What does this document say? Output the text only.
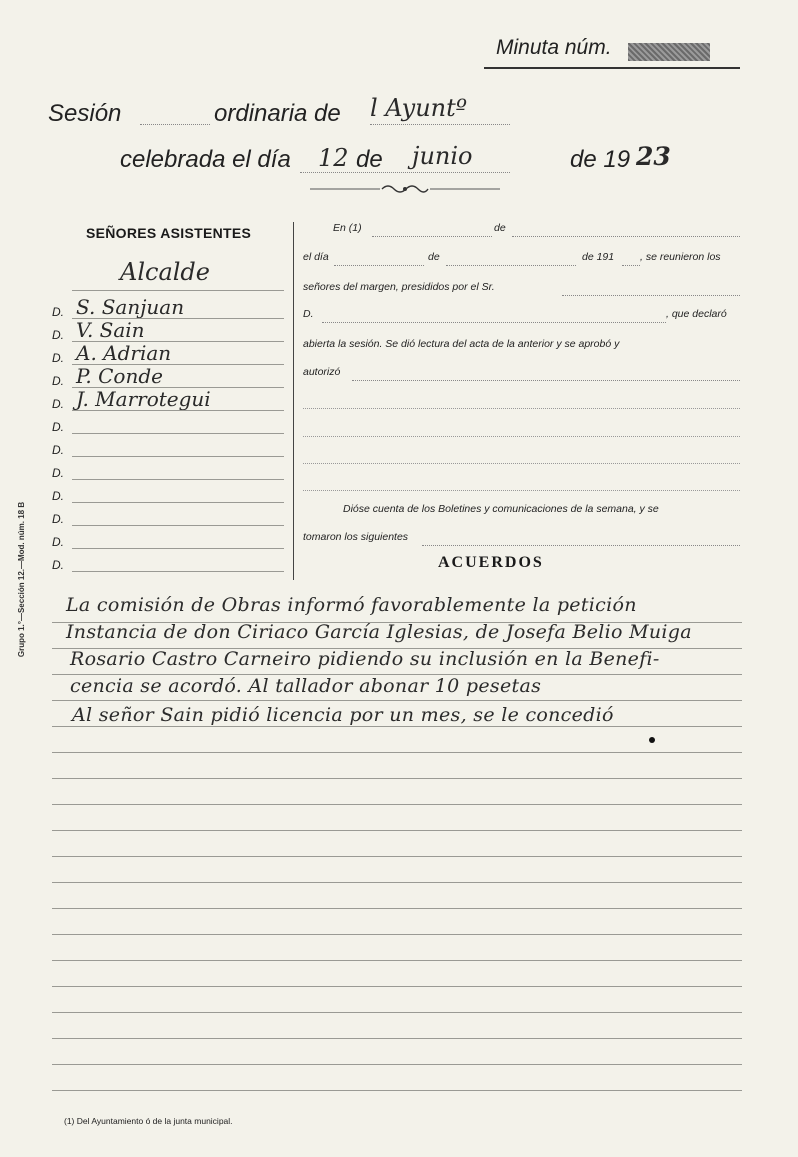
Minuta núm.
Sesión	ordinaria de l Ayuntº
celebrada el día 12 de junio	de 19 23
SEÑORES ASISTENTES
Alcalde
D. S. Sanjuan
D. V. Sain
D. A. Adrian
D. P. Conde
D. J. Marrotegui
D.
D.
D.
D.
D.
D.
D.
Grupo 1.°—Sección 12.—Mod. núm. 18 B
En (1)	de
el día	de	de 191 , se reunieron los
señores del margen, presididos por el Sr.
D.	, que declaró
abierta la sesión. Se dió lectura del acta de la anterior y se aprobó y
autorizó
Dióse cuenta de los Boletines y comunicaciones de la semana, y se
tomaron los siguientes
ACUERDOS
La comisión de Obras informó favorablemente la petición
Instancia de don Ciriaco García Iglesias, de Josefa Belio Muiga
Rosario Castro Carneiro pidiendo su inclusión en la Benefi-
cencia se acordó. Al tallador abonar 10 pesetas
Al señor Sain pidió licencia por un mes, se le concedió
(1) Del Ayuntamiento ó de la junta municipal.
